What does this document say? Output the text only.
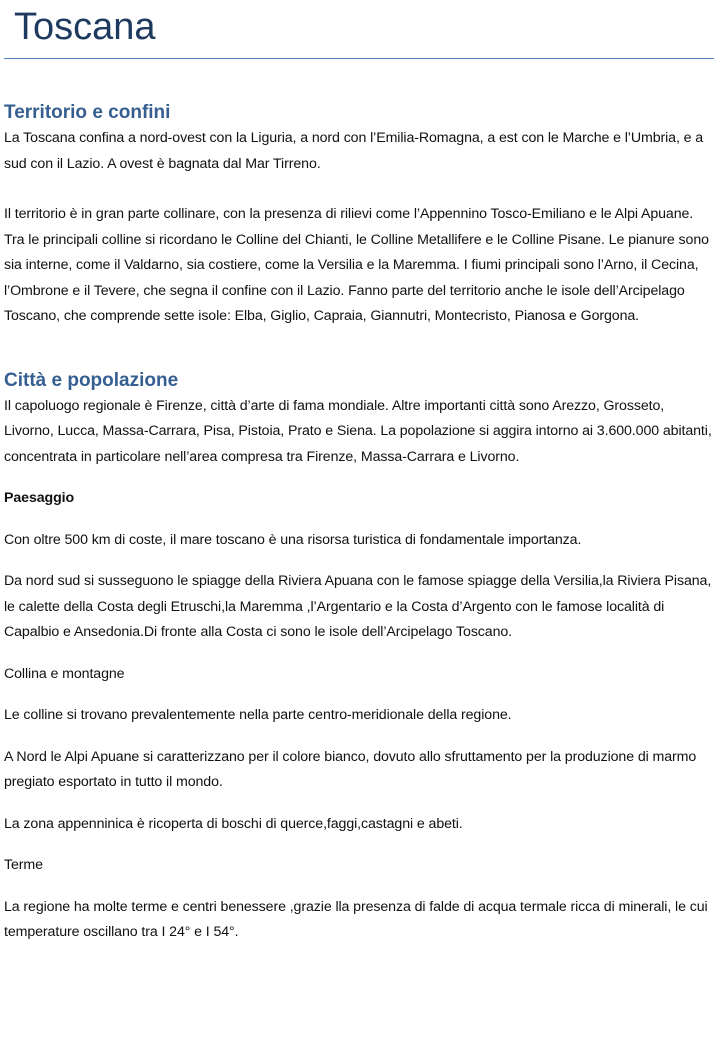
Toscana
Territorio e confini

La Toscana confina a nord-ovest con la Liguria, a nord con l’Emilia-Romagna, a est con le Marche e l’Umbria, e a sud con il Lazio. A ovest è bagnata dal Mar Tirreno.

Il territorio è in gran parte collinare, con la presenza di rilievi come l’Appennino Tosco-Emiliano e le Alpi Apuane. Tra le principali colline si ricordano le Colline del Chianti, le Colline Metallifere e le Colline Pisane. Le pianure sono sia interne, come il Valdarno, sia costiere, come la Versilia e la Maremma. I fiumi principali sono l’Arno, il Cecina, l’Ombrone e il Tevere, che segna il confine con il Lazio. Fanno parte del territorio anche le isole dell’Arcipelago Toscano, che comprende sette isole: Elba, Giglio, Capraia, Giannutri, Montecristo, Pianosa e Gorgona.

Città e popolazione

Il capoluogo regionale è Firenze, città d’arte di fama mondiale. Altre importanti città sono Arezzo, Grosseto, Livorno, Lucca, Massa-Carrara, Pisa, Pistoia, Prato e Siena. La popolazione si aggira intorno ai 3.600.000 abitanti, concentrata in particolare nell’area compresa tra Firenze, Massa-Carrara e Livorno.

Paesaggio

Con oltre 500 km di coste, il mare toscano è una risorsa turistica di fondamentale importanza.

Da nord sud si susseguono le spiagge della Riviera Apuana con le famose spiagge della Versilia,la Riviera Pisana, le calette della Costa degli Etruschi,la Maremma ,l’Argentario e la Costa d’Argento con le famose località di Capalbio e Ansedonia.Di fronte alla Costa ci sono le isole dell’Arcipelago Toscano.

Collina e montagne

Le colline si trovano prevalentemente nella parte centro-meridionale della regione.

A Nord le Alpi Apuane si caratterizzano per il colore bianco, dovuto allo sfruttamento per la produzione di marmo pregiato esportato in tutto il mondo.

La zona appenninica è ricoperta di boschi di querce,faggi,castagni e abeti.

Terme

La regione ha molte terme e centri benessere ,grazie lla presenza di falde di acqua termale ricca di minerali, le cui temperature oscillano tra I 24° e I 54°.
